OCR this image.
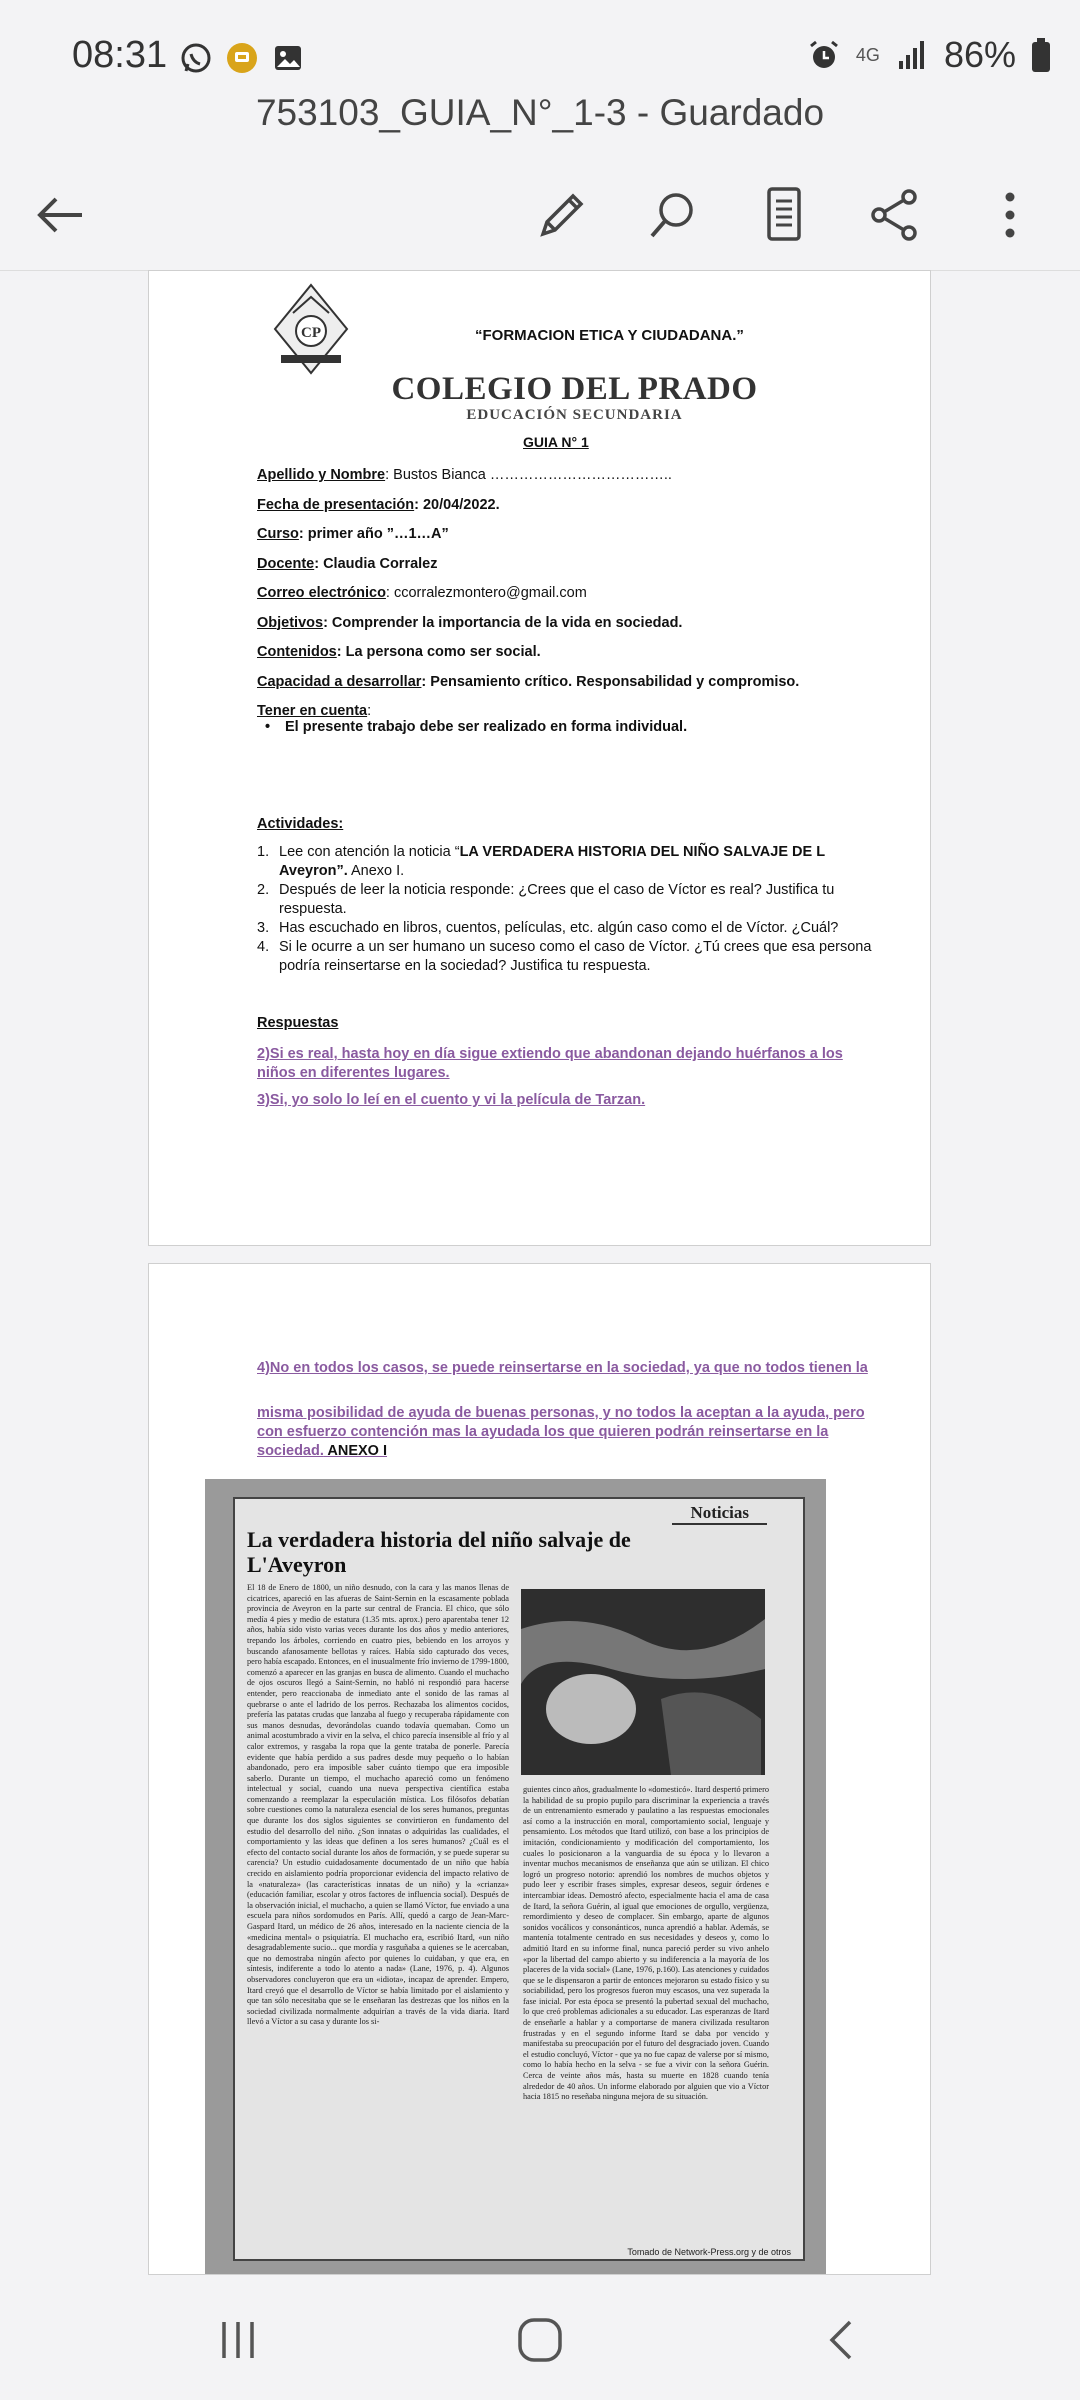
08:31	4G 86%
753103_GUIA_N°_1-3 - Guardado
CP	“FORMACION ETICA Y CIUDADANA.”
COLEGIO DEL PRADO
EDUCACIÓN SECUNDARIA
GUIA N° 1
Apellido y Nombre: Bustos Bianca ………………………………..
Fecha de presentación: 20/04/2022.
Curso: primer año ”…1…A”
Docente: Claudia Corralez
Correo electrónico: ccorralezmontero@gmail.com
Objetivos: Comprender la importancia de la vida en sociedad.
Contenidos: La persona como ser social.
Capacidad a desarrollar: Pensamiento crítico. Responsabilidad y compromiso.
Tener en cuenta:
• El presente trabajo debe ser realizado en forma individual.
Actividades:
1. Lee con atención la noticia “LA VERDADERA HISTORIA DEL NIÑO SALVAJE DE L Aveyron”. Anexo I.
2. Después de leer la noticia responde: ¿Crees que el caso de Víctor es real? Justifica tu respuesta.
3. Has escuchado en libros, cuentos, películas, etc. algún caso como el de Víctor. ¿Cuál?
4. Si le ocurre a un ser humano un suceso como el caso de Víctor. ¿Tú crees que esa persona podría reinsertarse en la sociedad? Justifica tu respuesta.
Respuestas
2)Si es real, hasta hoy en día sigue extiendo que abandonan dejando huérfanos a los niños en diferentes lugares.
3)Si, yo solo lo leí en el cuento y vi la película de Tarzan.
4)No en todos los casos, se puede reinsertarse en la sociedad, ya que no todos tienen la
misma posibilidad de ayuda de buenas personas, y no todos la aceptan a la ayuda, pero con esfuerzo contención mas la ayudada los que quieren podrán reinsertarse en la sociedad. ANEXO I
Noticias
La verdadera historia del niño salvaje de L'Aveyron
El 18 de Enero de 1800, un niño desnudo, con la cara y las manos llenas de cicatrices, apareció en las afueras de Saint-Sernin en la escasamente poblada provincia de Aveyron en la parte sur central de Francia. El chico, que sólo medía 4 pies y medio de estatura (1.35 mts. aprox.) pero aparentaba tener 12 años, había sido visto varias veces durante los dos años y medio anteriores, trepando los árboles, corriendo en cuatro pies, bebiendo en los arroyos y buscando afanosamente bellotas y raíces. Había sido capturado dos veces, pero había escapado. Entonces, en el inusualmente frío invierno de 1799-1800, comenzó a aparecer en las granjas en busca de alimento. Cuando el muchacho de ojos oscuros llegó a Saint-Sernin, no habló ni respondió para hacerse entender, pero reaccionaba de inmediato ante el sonido de las ramas al quebrarse o ante el ladrido de los perros. Rechazaba los alimentos cocidos, prefería las patatas crudas que lanzaba al fuego y recuperaba rápidamente con sus manos desnudas, devorándolas cuando todavía quemaban. Como un animal acostumbrado a vivir en la selva, el chico parecía insensible al frío y al calor extremos, y rasgaba la ropa que la gente trataba de ponerle. Parecía evidente que había perdido a sus padres desde muy pequeño o lo habían abandonado, pero era imposible saber cuánto tiempo que era imposible saberlo. Durante un tiempo, el muchacho apareció como un fenómeno intelectual y social, cuando una nueva perspectiva científica estaba comenzando a reemplazar la especulación mística. Los filósofos debatían sobre cuestiones como la naturaleza esencial de los seres humanos, preguntas que durante los dos siglos siguientes se convirtieron en fundamento del estudio del desarrollo del niño. ¿Son innatas o adquiridas las cualidades, el comportamiento y las ideas que definen a los seres humanos? ¿Cuál es el efecto del contacto social durante los años de formación, y se puede superar su carencia? Un estudio cuidadosamente documentado de un niño que había crecido en aislamiento podría proporcionar evidencia del impacto relativo de la «naturaleza» (las características innatas de un niño) y la «crianza» (educación familiar, escolar y otros factores de influencia social). Después de la observación inicial, el muchacho, a quien se llamó Víctor, fue enviado a una escuela para niños sordomudos en París. Allí, quedó a cargo de Jean-Marc-Gaspard Itard, un médico de 26 años, interesado en la naciente ciencia de la «medicina mental» o psiquiatría. El muchacho era, escribió Itard, «un niño desagradablemente sucio... que mordía y rasguñaba a quienes se le acercaban, que no demostraba ningún afecto por quienes lo cuidaban, y que era, en síntesis, indiferente a todo lo atento a nada» (Lane, 1976, p. 4). Algunos observadores concluyeron que era un «idiota», incapaz de aprender. Empero, Itard creyó que el desarrollo de Víctor se había limitado por el aislamiento y que tan sólo necesitaba que se le enseñaran las destrezas que los niños en la sociedad civilizada normalmente adquirían a través de la vida diaria. Itard llevó a Víctor a su casa y durante los si-
guientes cinco años, gradualmente lo «domesticó». Itard despertó primero la habilidad de su propio pupilo para discriminar la experiencia a través de un entrenamiento esmerado y paulatino a las respuestas emocionales así como a la instrucción en moral, comportamiento social, lenguaje y pensamiento. Los métodos que Itard utilizó, con base a los principios de imitación, condicionamiento y modificación del comportamiento, los cuales lo posicionaron a la vanguardia de su época y lo llevaron a inventar muchos mecanismos de enseñanza que aún se utilizan. El chico logró un progreso notorio: aprendió los nombres de muchos objetos y pudo leer y escribir frases simples, expresar deseos, seguir órdenes e intercambiar ideas. Demostró afecto, especialmente hacia el ama de casa de Itard, la señora Guérin, al igual que emociones de orgullo, vergüenza, remordimiento y deseo de complacer. Sin embargo, aparte de algunos sonidos vocálicos y consonánticos, nunca aprendió a hablar. Además, se mantenía totalmente centrado en sus necesidades y deseos y, como lo admitió Itard en su informe final, nunca pareció perder su vivo anhelo «por la libertad del campo abierto y su indiferencia a la mayoría de los placeres de la vida social» (Lane, 1976, p.160). Las atenciones y cuidados que se le dispensaron a partir de entonces mejoraron su estado físico y su sociabilidad, pero los progresos fueron muy escasos, una vez superada la fase inicial. Por esta época se presentó la pubertad sexual del muchacho, lo que creó problemas adicionales a su educador. Las esperanzas de Itard de enseñarle a hablar y a comportarse de manera civilizada resultaron frustradas y en el segundo informe Itard se daba por vencido y manifestaba su preocupación por el futuro del desgraciado joven. Cuando el estudio concluyó, Víctor - que ya no fue capaz de valerse por sí mismo, como lo había hecho en la selva - se fue a vivir con la señora Guérin. Cerca de veinte años más, hasta su muerte en 1828 cuando tenía alrededor de 40 años. Un informe elaborado por alguien que vio a Víctor hacia 1815 no reseñaba ninguna mejora de su situación.
Tomado de Network-Press.org y de otros
